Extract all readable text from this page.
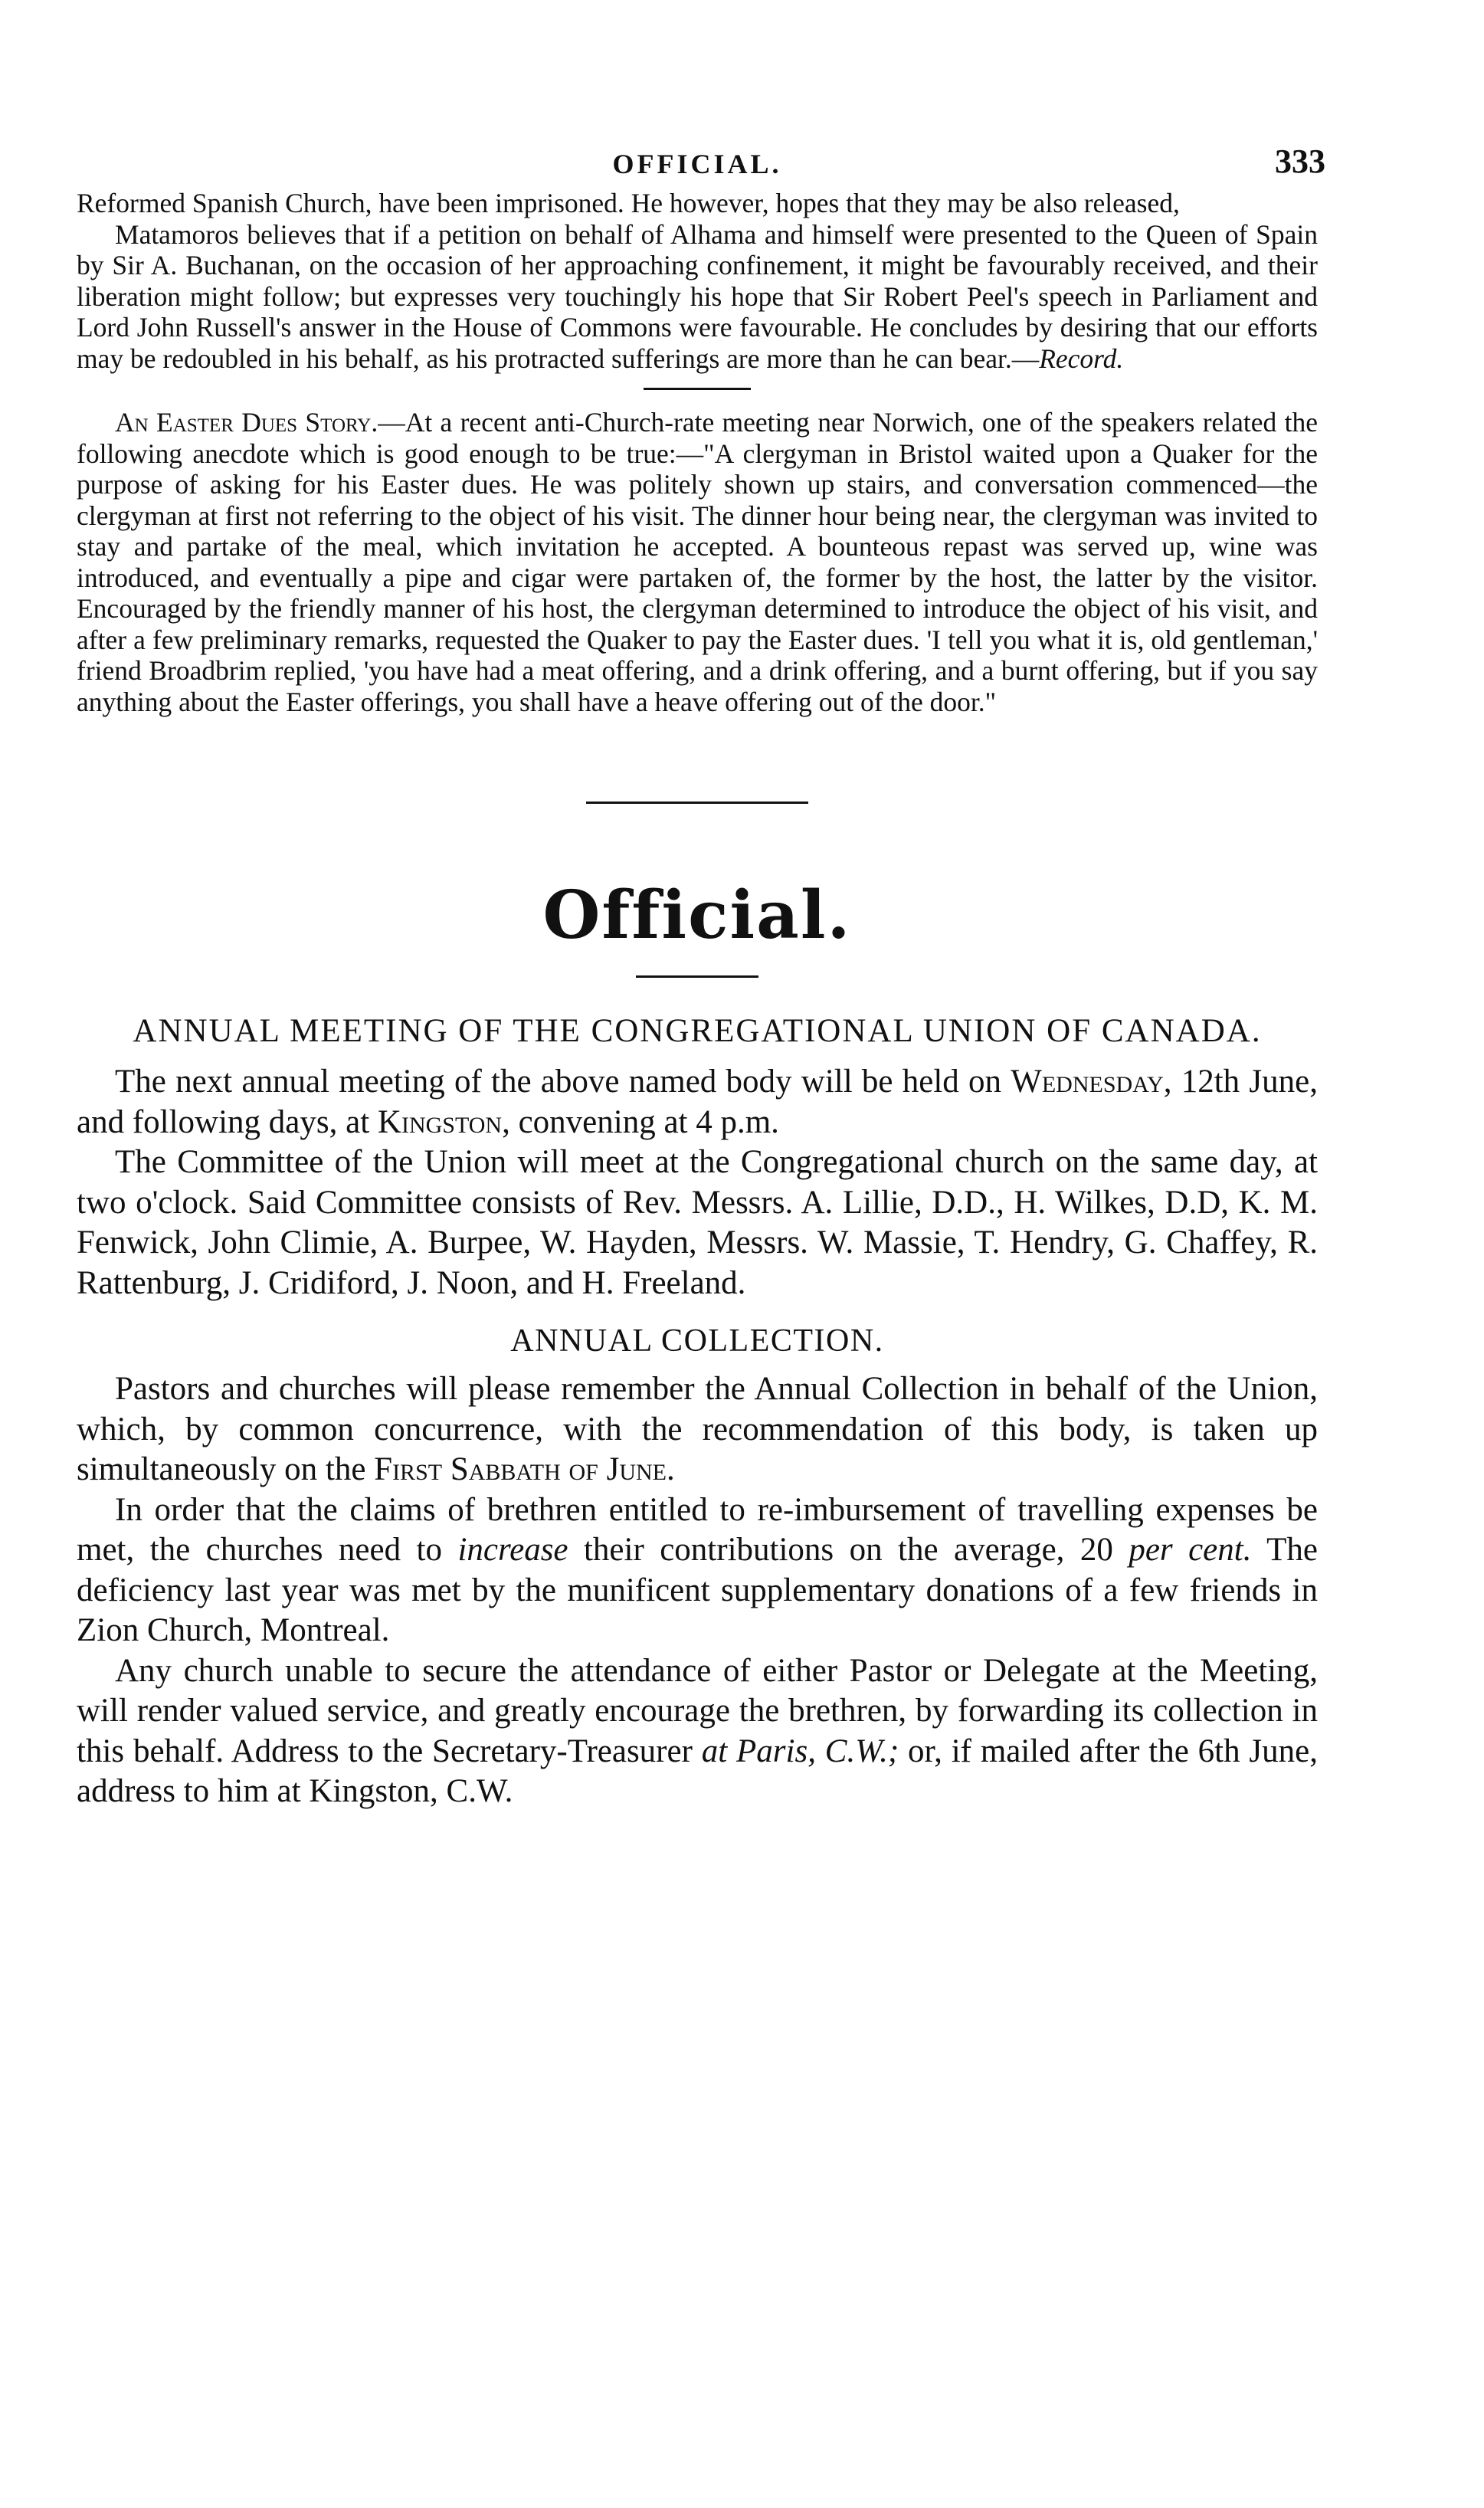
OFFICIAL.	333

Reformed Spanish Church, have been imprisoned. He however, hopes that they may be also released,

Matamoros believes that if a petition on behalf of Alhama and himself were presented to the Queen of Spain by Sir A. Buchanan, on the occasion of her approaching confinement, it might be favourably received, and their liberation might follow; but expresses very touchingly his hope that Sir Robert Peel's speech in Parliament and Lord John Russell's answer in the House of Commons were favourable. He concludes by desiring that our efforts may be redoubled in his behalf, as his protracted sufferings are more than he can bear.—Record.

An Easter Dues Story.—At a recent anti-Church-rate meeting near Norwich, one of the speakers related the following anecdote which is good enough to be true:—"A clergyman in Bristol waited upon a Quaker for the purpose of asking for his Easter dues. He was politely shown up stairs, and conversation commenced—the clergyman at first not referring to the object of his visit. The dinner hour being near, the clergyman was invited to stay and partake of the meal, which invitation he accepted. A bounteous repast was served up, wine was introduced, and eventually a pipe and cigar were partaken of, the former by the host, the latter by the visitor. Encouraged by the friendly manner of his host, the clergyman determined to introduce the object of his visit, and after a few preliminary remarks, requested the Quaker to pay the Easter dues. 'I tell you what it is, old gentleman,' friend Broadbrim replied, 'you have had a meat offering, and a drink offering, and a burnt offering, but if you say anything about the Easter offerings, you shall have a heave offering out of the door."

Official.
ANNUAL MEETING OF THE CONGREGATIONAL UNION OF CANADA.

The next annual meeting of the above named body will be held on Wednesday, 12th June, and following days, at Kingston, convening at 4 p.m.

The Committee of the Union will meet at the Congregational church on the same day, at two o'clock. Said Committee consists of Rev. Messrs. A. Lillie, D.D., H. Wilkes, D.D, K. M. Fenwick, John Climie, A. Burpee, W. Hayden, Messrs. W. Massie, T. Hendry, G. Chaffey, R. Rattenburg, J. Cridiford, J. Noon, and H. Freeland.

ANNUAL COLLECTION.

Pastors and churches will please remember the Annual Collection in behalf of the Union, which, by common concurrence, with the recommendation of this body, is taken up simultaneously on the First Sabbath of June.

In order that the claims of brethren entitled to re-imbursement of travelling expenses be met, the churches need to increase their contributions on the average, 20 per cent. The deficiency last year was met by the munificent supplementary donations of a few friends in Zion Church, Montreal.

Any church unable to secure the attendance of either Pastor or Delegate at the Meeting, will render valued service, and greatly encourage the brethren, by forwarding its collection in this behalf. Address to the Secretary-Treasurer at Paris, C.W.; or, if mailed after the 6th June, address to him at Kingston, C.W.
